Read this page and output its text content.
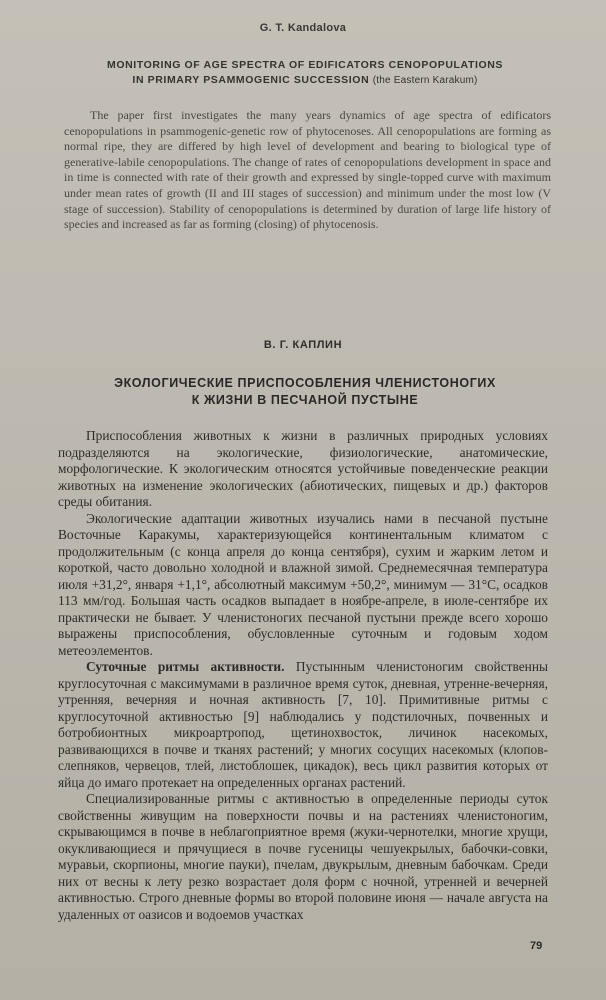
G. T. Kandalova
MONITORING OF AGE SPECTRA OF EDIFICATORS CENOPOPULATIONS
IN PRIMARY PSAMMOGENIC SUCCESSION (the Eastern Karakum)

The paper first investigates the many years dynamics of age spectra of edificators cenopopulations in psammogenic-genetic row of phytocenoses. All cenopopulations are forming as normal ripe, they are differed by high level of development and bearing to biological type of generative-labile cenopopulations. The change of rates of cenopopulations development in space and in time is connected with rate of their growth and expressed by single-topped curve with maximum under mean rates of growth (II and III stages of succession) and minimum under the most low (V stage of succession). Stability of cenopopulations is determined by duration of large life history of species and increased as far as forming (closing) of phytocenosis.

В. Г. КАПЛИН
ЭКОЛОГИЧЕСКИЕ ПРИСПОСОБЛЕНИЯ ЧЛЕНИСТОНОГИХ
К ЖИЗНИ В ПЕСЧАНОЙ ПУСТЫНЕ

Приспособления животных к жизни в различных природных условиях подразделяются на экологические, физиологические, анатомические, морфологические. К экологическим относятся устойчивые поведенческие реакции животных на изменение экологических (абиотических, пищевых и др.) факторов среды обитания.

Экологические адаптации животных изучались нами в песчаной пустыне Восточные Каракумы, характеризующейся континентальным климатом с продолжительным (с конца апреля до конца сентября), сухим и жарким летом и короткой, часто довольно холодной и влажной зимой. Среднемесячная температура июля +31,2°, января +1,1°, абсолютный максимум +50,2°, минимум — 31°С, осадков 113 мм/год. Большая часть осадков выпадает в ноябре-апреле, в июле-сентябре их практически не бывает. У членистоногих песчаной пустыни прежде всего хорошо выражены приспособления, обусловленные суточным и годовым ходом метеоэлементов.

Суточные ритмы активности. Пустынным членистоногим свойственны круглосуточная с максимумами в различное время суток, дневная, утренне-вечерняя, утренняя, вечерняя и ночная активность [7, 10]. Примитивные ритмы с круглосуточной активностью [9] наблюдались у подстилочных, почвенных и ботробионтных микроартропод, щетинохвосток, личинок насекомых, развивающихся в почве и тканях растений; у многих сосущих насекомых (клопов-слепняков, червецов, тлей, листоблошек, цикадок), весь цикл развития которых от яйца до имаго протекает на определенных органах растений.

Специализированные ритмы с активностью в определенные периоды суток свойственны живущим на поверхности почвы и на растениях членистоногим, скрывающимся в почве в неблагоприятное время (жуки-чернотелки, многие хрущи, окукливающиеся и прячущиеся в почве гусеницы чешуекрылых, бабочки-совки, муравьи, скорпионы, многие пауки), пчелам, двукрылым, дневным бабочкам. Среди них от весны к лету резко возрастает доля форм с ночной, утренней и вечерней активностью. Строго дневные формы во второй половине июня — начале августа на удаленных от оазисов и водоемов участках

79
